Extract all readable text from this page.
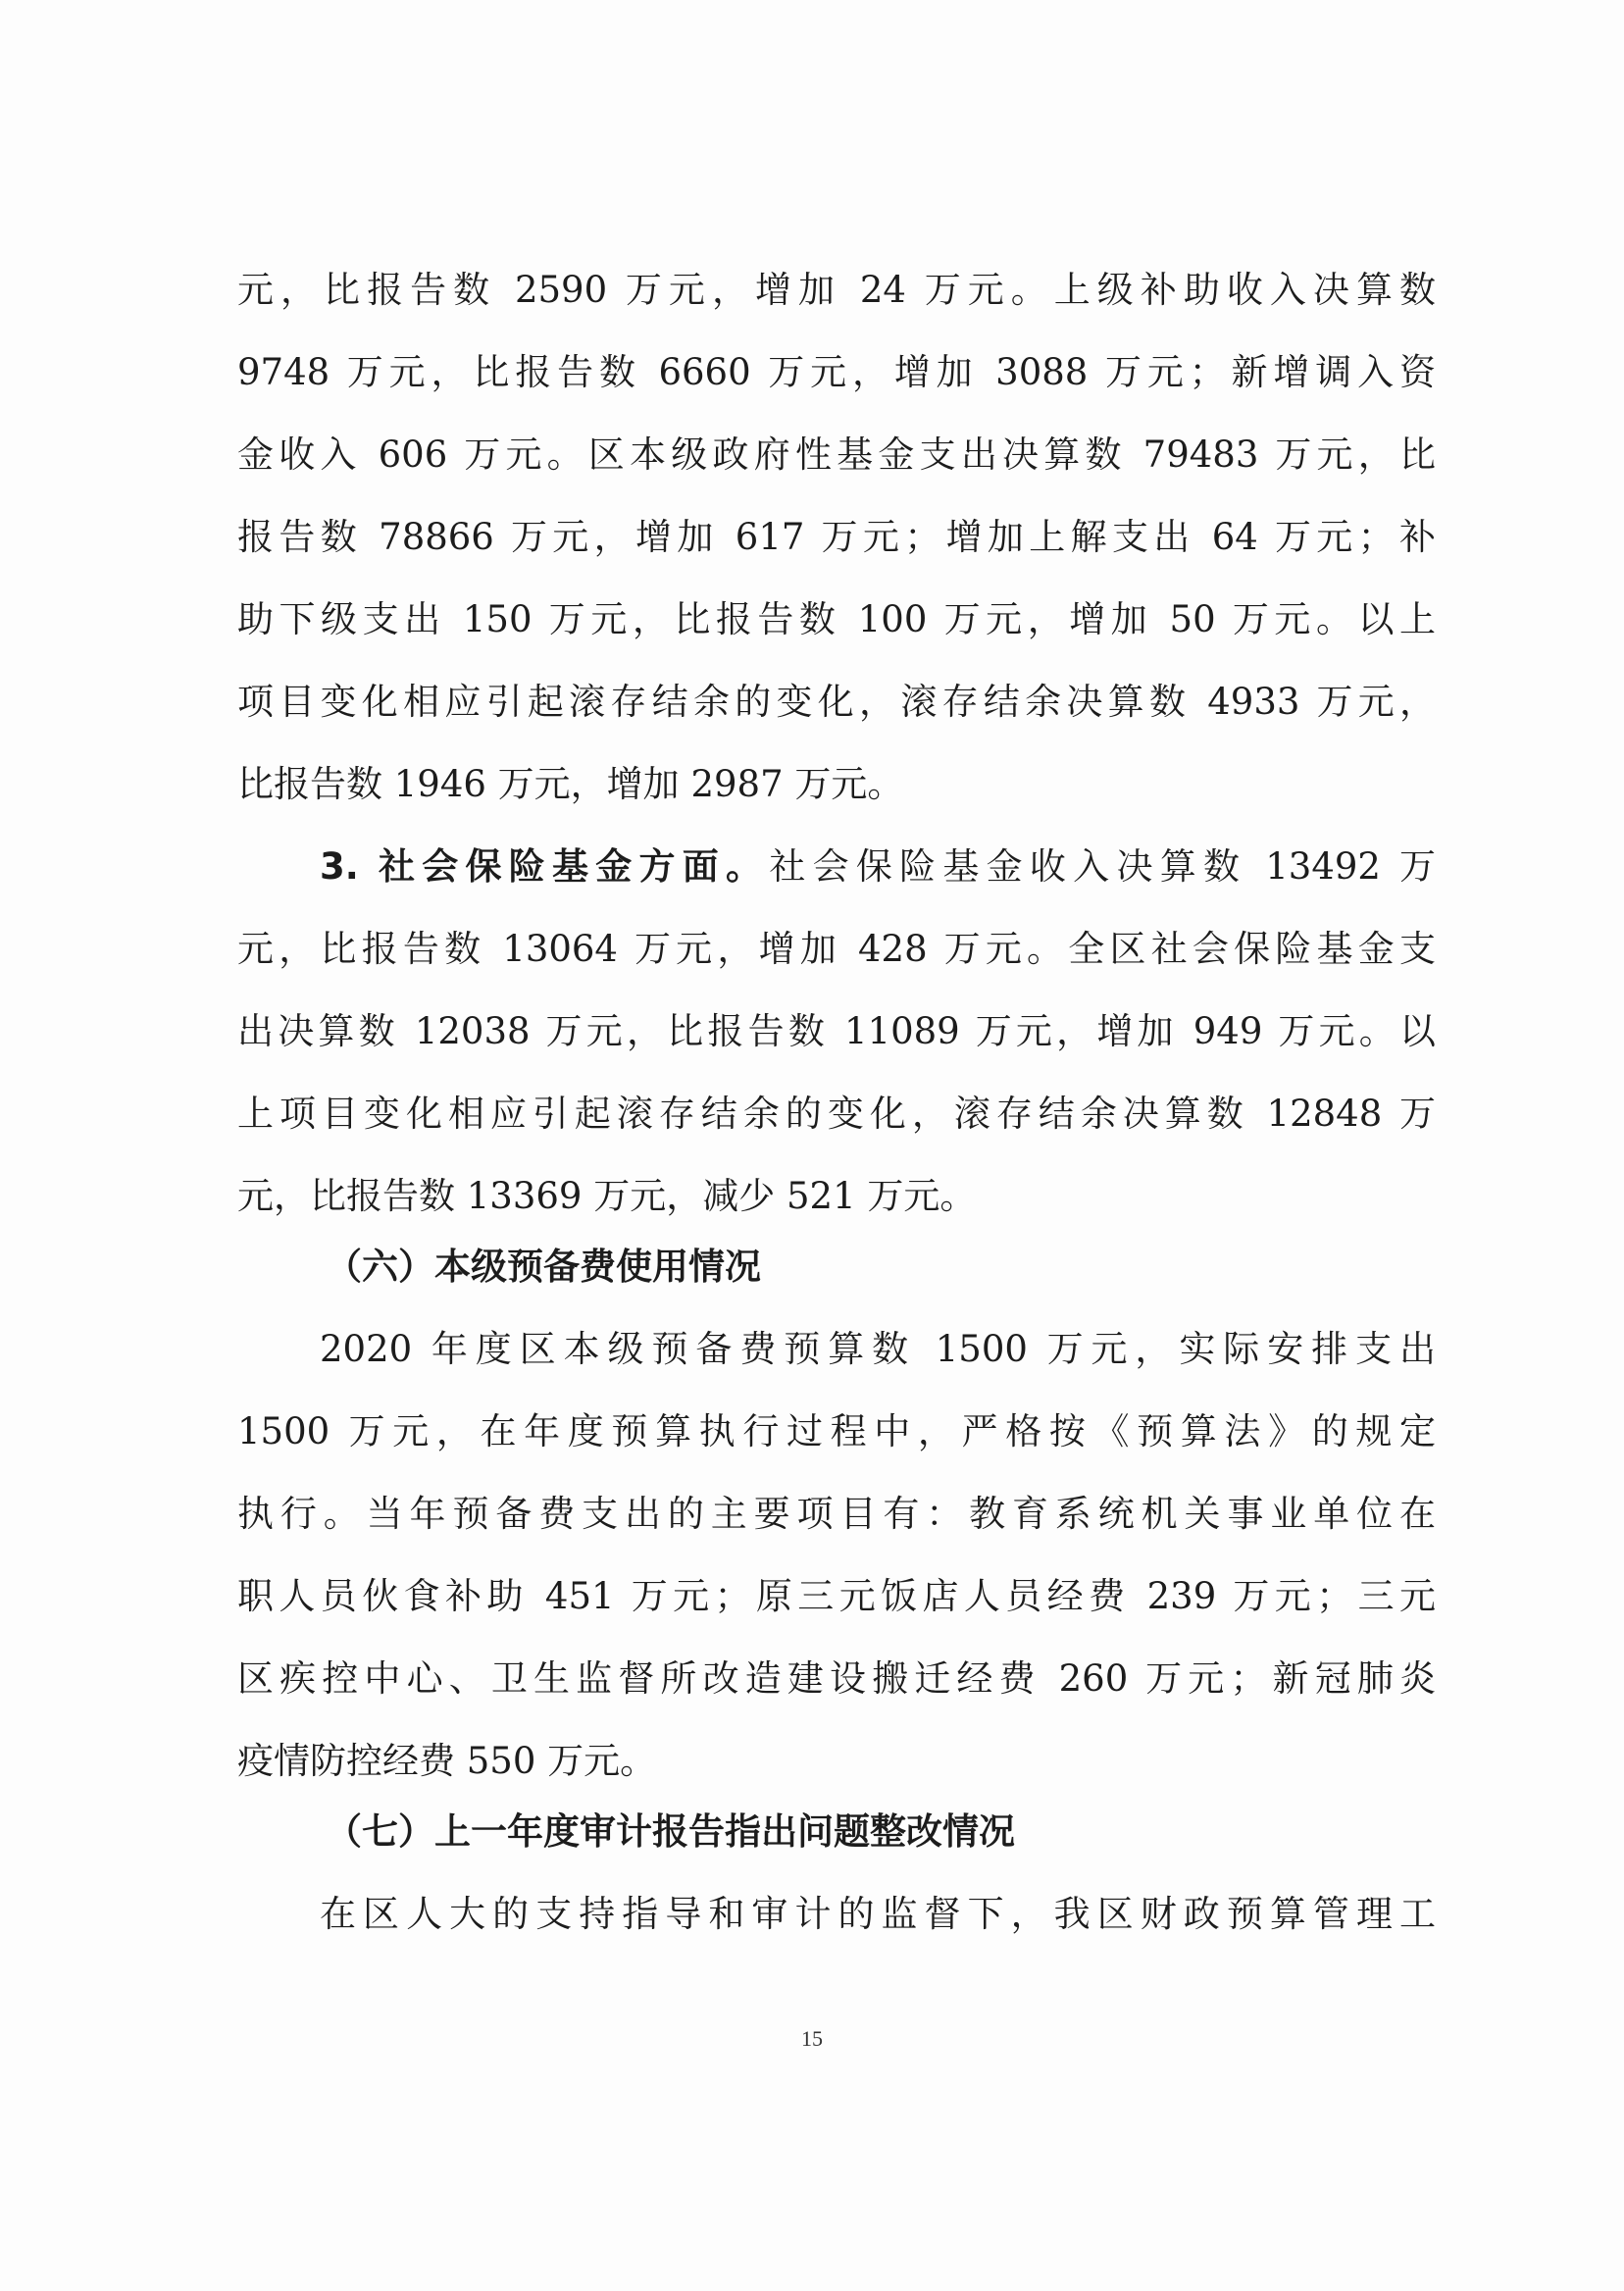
元，比报告数 2590 万元，增加 24 万元。上级补助收入决算数
9748 万元，比报告数 6660 万元，增加 3088 万元；新增调入资
金收入 606 万元。区本级政府性基金支出决算数 79483 万元，比
报告数 78866 万元，增加 617 万元；增加上解支出 64 万元；补
助下级支出 150 万元，比报告数 100 万元，增加 50 万元。以上
项目变化相应引起滚存结余的变化，滚存结余决算数 4933 万元，
比报告数 1946 万元，增加 2987 万元。
3. 社会保险基金方面。社会保险基金收入决算数 13492 万
元，比报告数 13064 万元，增加 428 万元。全区社会保险基金支
出决算数 12038 万元，比报告数 11089 万元，增加 949 万元。以
上项目变化相应引起滚存结余的变化，滚存结余决算数 12848 万
元，比报告数 13369 万元，减少 521 万元。
（六）本级预备费使用情况
2020 年度区本级预备费预算数 1500 万元，实际安排支出
1500 万元，在年度预算执行过程中，严格按《预算法》的规定
执行。当年预备费支出的主要项目有：教育系统机关事业单位在
职人员伙食补助 451 万元；原三元饭店人员经费 239 万元；三元
区疾控中心、卫生监督所改造建设搬迁经费 260 万元；新冠肺炎
疫情防控经费 550 万元。
（七）上一年度审计报告指出问题整改情况
在区人大的支持指导和审计的监督下，我区财政预算管理工
15
